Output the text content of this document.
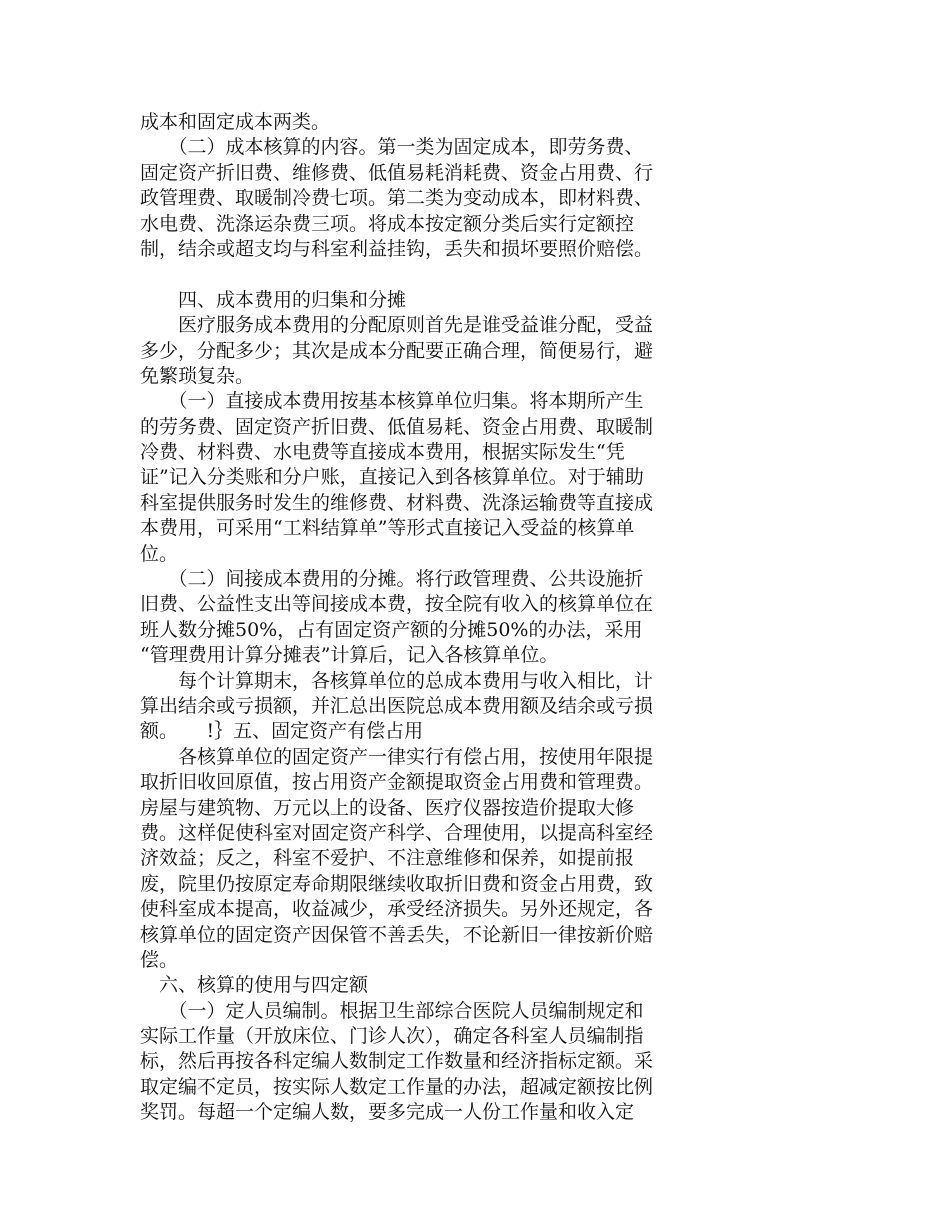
成本和固定成本两类。
　　（二）成本核算的内容。第一类为固定成本，即劳务费、
固定资产折旧费、维修费、低值易耗消耗费、资金占用费、行
政管理费、取暖制冷费七项。第二类为变动成本，即材料费、
水电费、洗涤运杂费三项。将成本按定额分类后实行定额控
制，结余或超支均与科室利益挂钩，丢失和损坏要照价赔偿。
　　四、成本费用的归集和分摊
　　医疗服务成本费用的分配原则首先是谁受益谁分配，受益
多少，分配多少；其次是成本分配要正确合理，简便易行，避
免繁琐复杂。
　　（一）直接成本费用按基本核算单位归集。将本期所产生
的劳务费、固定资产折旧费、低值易耗、资金占用费、取暖制
冷费、材料费、水电费等直接成本费用，根据实际发生“凭
证”记入分类账和分户账，直接记入到各核算单位。对于辅助
科室提供服务时发生的维修费、材料费、洗涤运输费等直接成
本费用，可采用“工料结算单”等形式直接记入受益的核算单
位。
　　（二）间接成本费用的分摊。将行政管理费、公共设施折
旧费、公益性支出等间接成本费，按全院有收入的核算单位在
班人数分摊50%，占有固定资产额的分摊50%的办法，采用
“管理费用计算分摊表”计算后，记入各核算单位。
　　每个计算期末，各核算单位的总成本费用与收入相比，计
算出结余或亏损额，并汇总出医院总成本费用额及结余或亏损
额。　　!｝五、固定资产有偿占用
　　各核算单位的固定资产一律实行有偿占用，按使用年限提
取折旧收回原值，按占用资产金额提取资金占用费和管理费。
房屋与建筑物、万元以上的设备、医疗仪器按造价提取大修
费。这样促使科室对固定资产科学、合理使用，以提高科室经
济效益；反之，科室不爱护、不注意维修和保养，如提前报
废，院里仍按原定寿命期限继续收取折旧费和资金占用费，致
使科室成本提高，收益减少，承受经济损失。另外还规定，各
核算单位的固定资产因保管不善丢失，不论新旧一律按新价赔
偿。
　六、核算的使用与四定额
　　（一）定人员编制。根据卫生部综合医院人员编制规定和
实际工作量（开放床位、门诊人次），确定各科室人员编制指
标，然后再按各科定编人数制定工作数量和经济指标定额。采
取定编不定员，按实际人数定工作量的办法，超减定额按比例
奖罚。每超一个定编人数，要多完成一人份工作量和收入定
